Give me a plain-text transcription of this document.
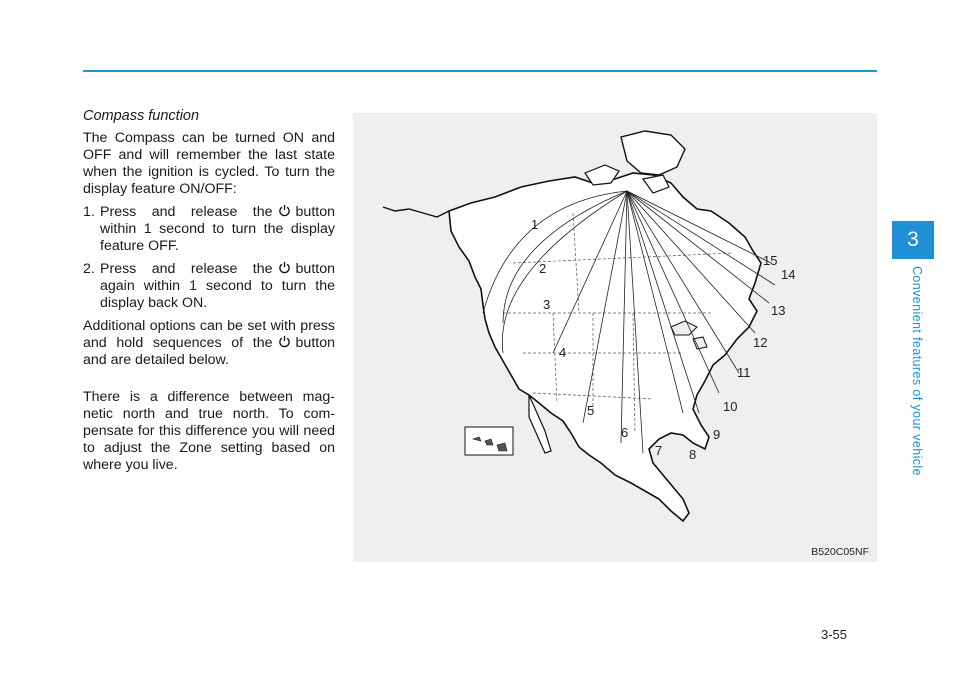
3
Convenient features of your vehicle

Compass function

The Compass can be turned ON and OFF and will remember the last state when the ignition is cycled. To turn the display feature ON/OFF:

1. Press and release the button within 1 second to turn the display feature OFF.

2. Press and release the button again within 1 second to turn the display back ON.

Additional options can be set with press and hold sequences of the button and are detailed below.

There is a difference between mag-netic north and true north. To com-pensate for this difference you will need to adjust the Zone setting based on where you live.

1
2
3
4
5
6
7 8
9
10
11
12
13
14
15
B520C05NF
3-55
